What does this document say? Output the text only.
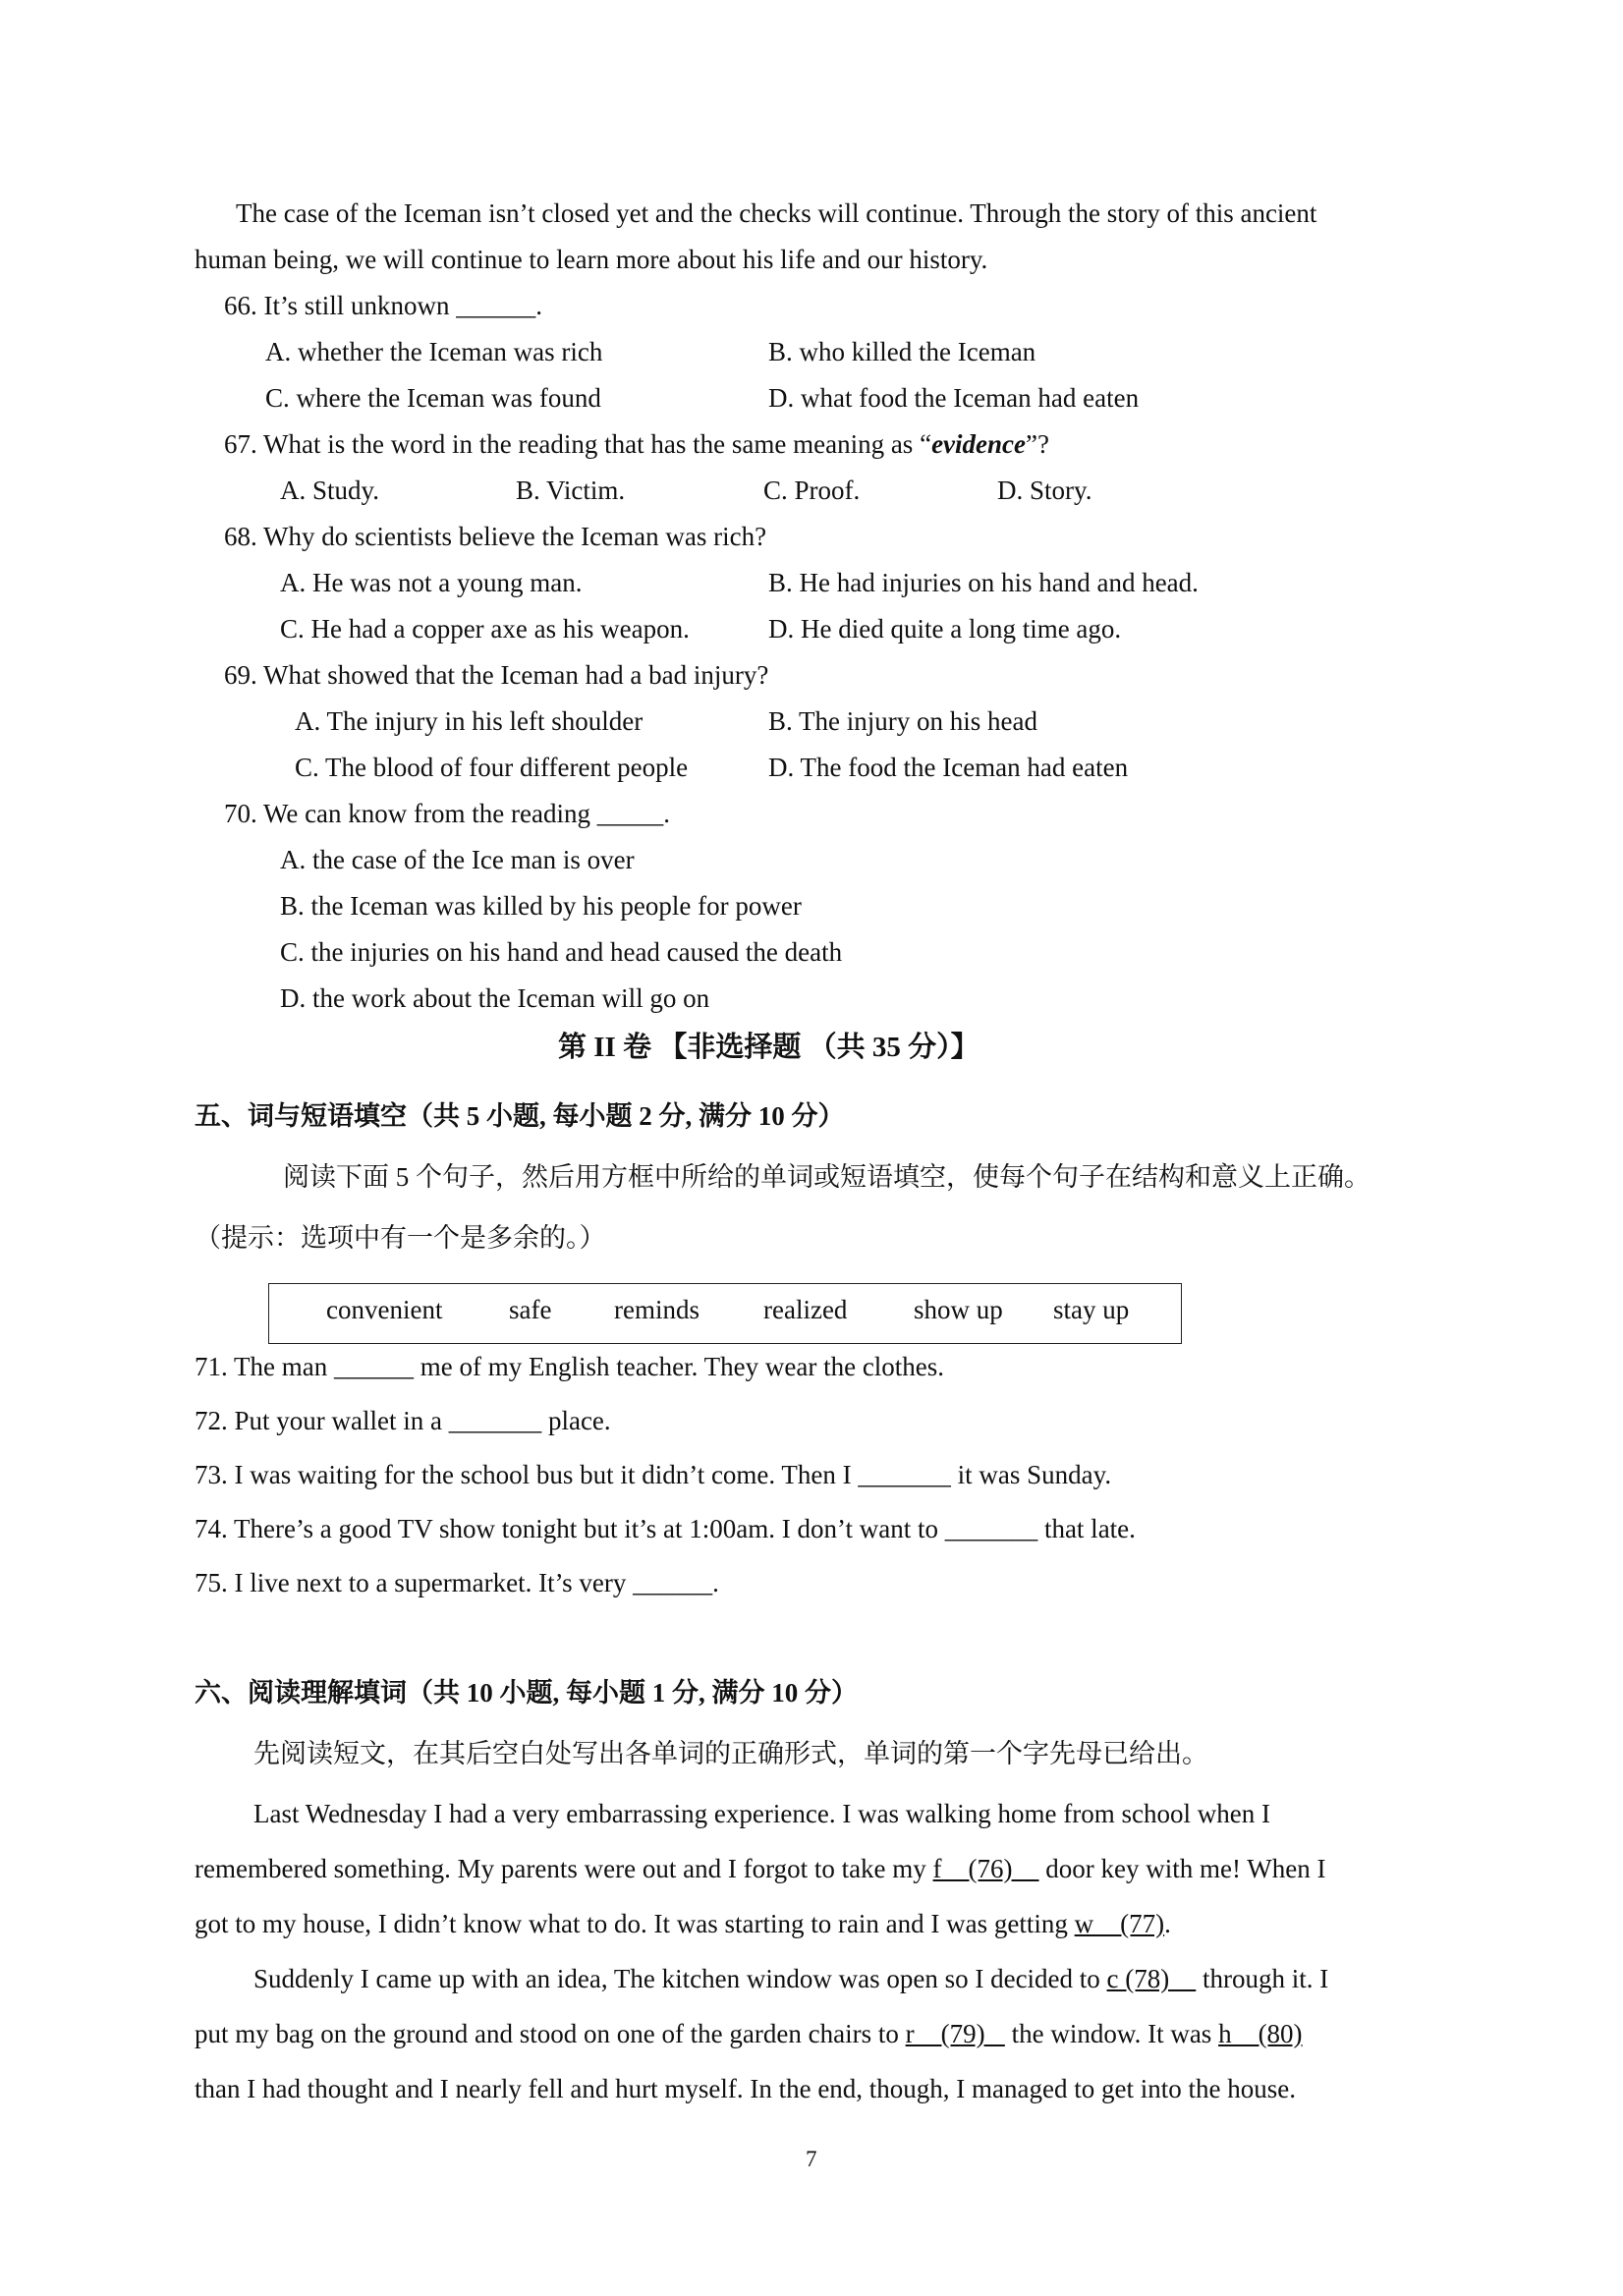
The case of the Iceman isn’t closed yet and the checks will continue. Through the story of this ancient
human being, we will continue to learn more about his life and our history.
66. It’s still unknown ______.
A. whether the Iceman was rich	B. who killed the Iceman
C. where the Iceman was found	D. what food the Iceman had eaten
67. What is the word in the reading that has the same meaning as “evidence”?
A. Study.	B. Victim.	C. Proof.	D. Story.
68. Why do scientists believe the Iceman was rich?
A. He was not a young man.	B. He had injuries on his hand and head.
C. He had a copper axe as his weapon.	D. He died quite a long time ago.
69. What showed that the Iceman had a bad injury?
A. The injury in his left shoulder	B. The injury on his head
C. The blood of four different people	D. The food the Iceman had eaten
70. We can know from the reading _____.
A. the case of the Ice man is over
B. the Iceman was killed by his people for power
C. the injuries on his hand and head caused the death
D. the work about the Iceman will go on
第 II 卷 【非选择题 （共 35 分）】
五、词与短语填空（共 5 小题, 每小题 2 分, 满分 10 分）
阅读下面 5 个句子，然后用方框中所给的单词或短语填空，使每个句子在结构和意义上正确。
（提示：选项中有一个是多余的。）
convenient	safe reminds realized	show up stay up
71. The man ______ me of my English teacher. They wear the clothes.
72. Put your wallet in a _______ place.
73. I was waiting for the school bus but it didn’t come. Then I _______ it was Sunday.
74. There’s a good TV show tonight but it’s at 1:00am. I don’t want to _______ that late.
75. I live next to a supermarket. It’s very ______.
六、阅读理解填词（共 10 小题, 每小题 1 分, 满分 10 分）
先阅读短文，在其后空白处写出各单词的正确形式，单词的第一个字先母已给出。
Last Wednesday I had a very embarrassing experience. I was walking home from school when I
remembered something. My parents were out and I forgot to take my f    (76)     door key with me! When I
got to my house, I didn’t know what to do. It was starting to rain and I was getting w    (77).
Suddenly I came up with an idea, The kitchen window was open so I decided to c (78)     through it. I
put my bag on the ground and stood on one of the garden chairs to r    (79)    the window. It was h    (80)
than I had thought and I nearly fell and hurt myself. In the end, though, I managed to get into the house.
7
